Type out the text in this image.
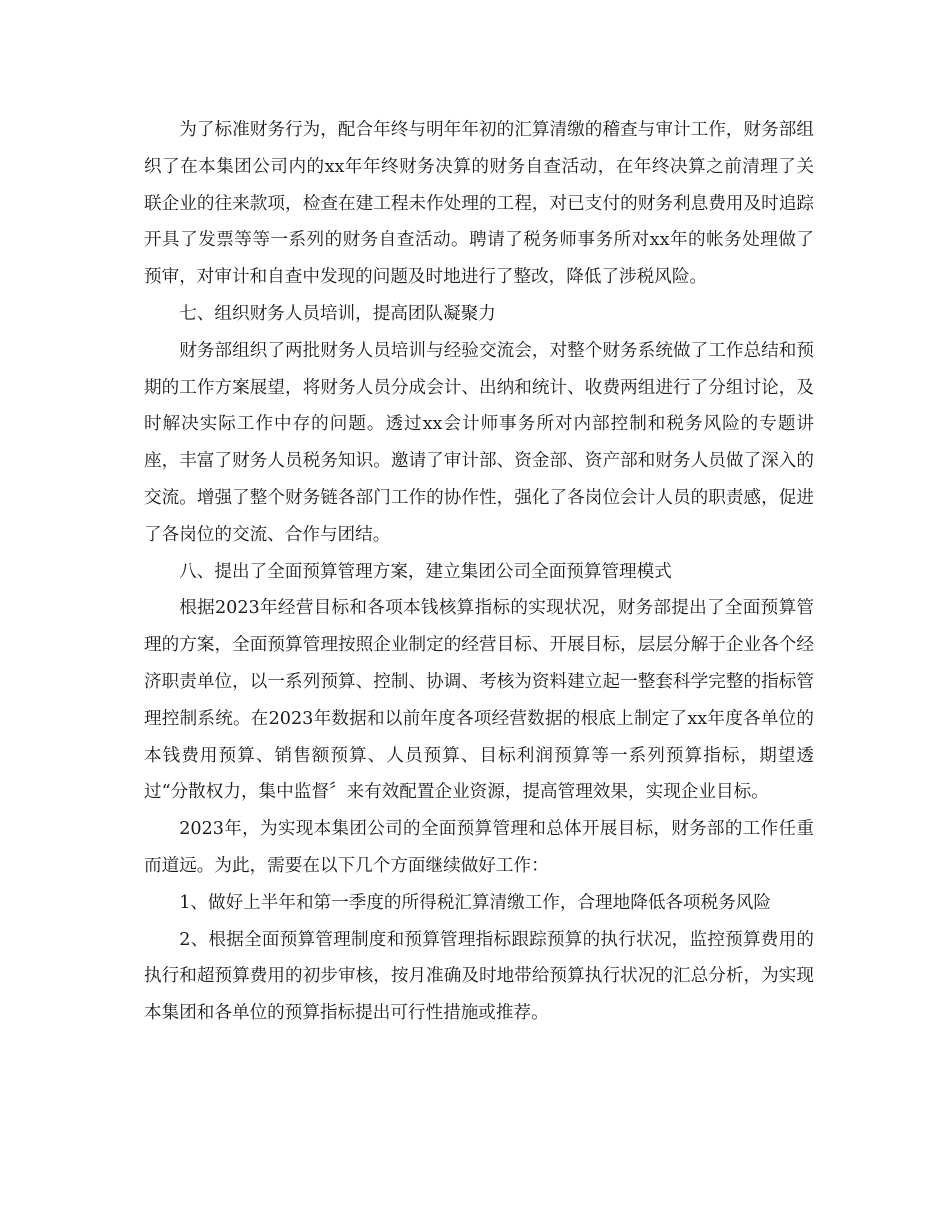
为了标准财务行为，配合年终与明年年初的汇算清缴的稽查与审计工作，财务部组织了在本集团公司内的xx年年终财务决算的财务自查活动，在年终决算之前清理了关联企业的往来款项，检查在建工程未作处理的工程，对已支付的财务利息费用及时追踪开具了发票等等一系列的财务自查活动。聘请了税务师事务所对xx年的帐务处理做了预审，对审计和自查中发现的问题及时地进行了整改，降低了涉税风险。

七、组织财务人员培训，提高团队凝聚力

财务部组织了两批财务人员培训与经验交流会，对整个财务系统做了工作总结和预期的工作方案展望，将财务人员分成会计、出纳和统计、收费两组进行了分组讨论，及时解决实际工作中存的问题。透过xx会计师事务所对内部控制和税务风险的专题讲座，丰富了财务人员税务知识。邀请了审计部、资金部、资产部和财务人员做了深入的交流。增强了整个财务链各部门工作的协作性，强化了各岗位会计人员的职责感，促进了各岗位的交流、合作与团结。

八、提出了全面预算管理方案，建立集团公司全面预算管理模式

根据2023年经营目标和各项本钱核算指标的实现状况，财务部提出了全面预算管理的方案，全面预算管理按照企业制定的经营目标、开展目标，层层分解于企业各个经济职责单位，以一系列预算、控制、协调、考核为资料建立起一整套科学完整的指标管理控制系统。在2023年数据和以前年度各项经营数据的根底上制定了xx年度各单位的本钱费用预算、销售额预算、人员预算、目标利润预算等一系列预算指标，期望透过“分散权力，集中监督〞来有效配置企业资源，提高管理效果，实现企业目标。

2023年，为实现本集团公司的全面预算管理和总体开展目标，财务部的工作任重而道远。为此，需要在以下几个方面继续做好工作：

1、做好上半年和第一季度的所得税汇算清缴工作，合理地降低各项税务风险

2、根据全面预算管理制度和预算管理指标跟踪预算的执行状况，监控预算费用的执行和超预算费用的初步审核，按月准确及时地带给预算执行状况的汇总分析，为实现本集团和各单位的预算指标提出可行性措施或推荐。
